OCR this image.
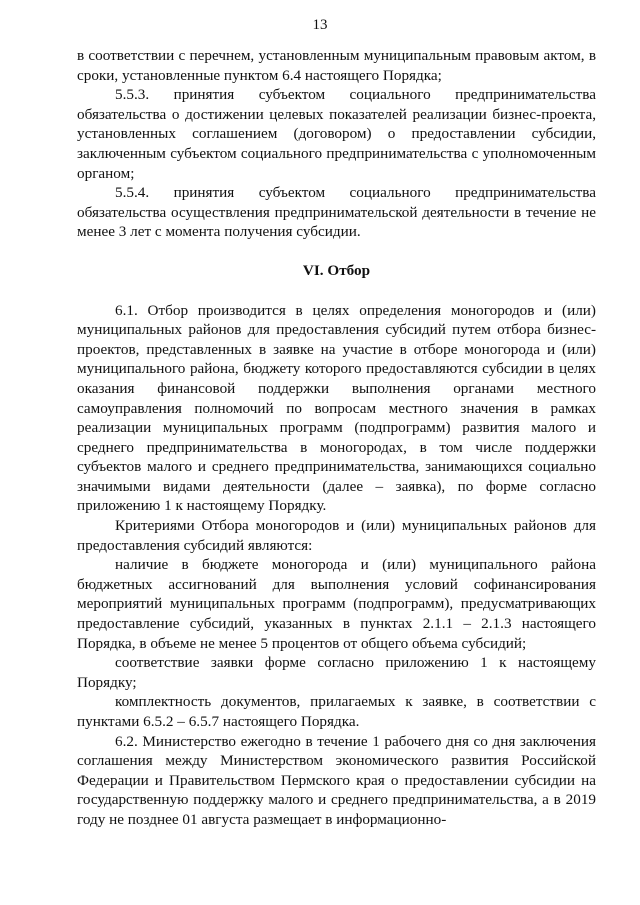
13

в соответствии с перечнем, установленным муниципальным правовым актом, в сроки, установленные пунктом 6.4 настоящего Порядка;

5.5.3. принятия субъектом социального предпринимательства обязательства о достижении целевых показателей реализации бизнес-проекта, установленных соглашением (договором) о предоставлении субсидии, заключенным субъектом социального предпринимательства с уполномоченным органом;

5.5.4. принятия субъектом социального предпринимательства обязательства осуществления предпринимательской деятельности в течение не менее 3 лет с момента получения субсидии.

VI. Отбор

6.1. Отбор производится в целях определения моногородов и (или) муниципальных районов для предоставления субсидий путем отбора бизнес-проектов, представленных в заявке на участие в отборе моногорода и (или) муниципального района, бюджету которого предоставляются субсидии в целях оказания финансовой поддержки выполнения органами местного самоуправления полномочий по вопросам местного значения в рамках реализации муниципальных программ (подпрограмм) развития малого и среднего предпринимательства в моногородах, в том числе поддержки субъектов малого и среднего предпринимательства, занимающихся социально значимыми видами деятельности (далее – заявка), по форме согласно приложению 1 к настоящему Порядку.

Критериями Отбора моногородов и (или) муниципальных районов для предоставления субсидий являются:

наличие в бюджете моногорода и (или) муниципального района бюджетных ассигнований для выполнения условий софинансирования мероприятий муниципальных программ (подпрограмм), предусматривающих предоставление субсидий, указанных в пунктах 2.1.1 – 2.1.3 настоящего Порядка, в объеме не менее 5 процентов от общего объема субсидий;

соответствие заявки форме согласно приложению 1 к настоящему Порядку;

комплектность документов, прилагаемых к заявке, в соответствии с пунктами 6.5.2 – 6.5.7 настоящего Порядка.

6.2. Министерство ежегодно в течение 1 рабочего дня со дня заключения соглашения между Министерством экономического развития Российской Федерации и Правительством Пермского края о предоставлении субсидии на государственную поддержку малого и среднего предпринимательства, а в 2019 году не позднее 01 августа размещает в информационно-
